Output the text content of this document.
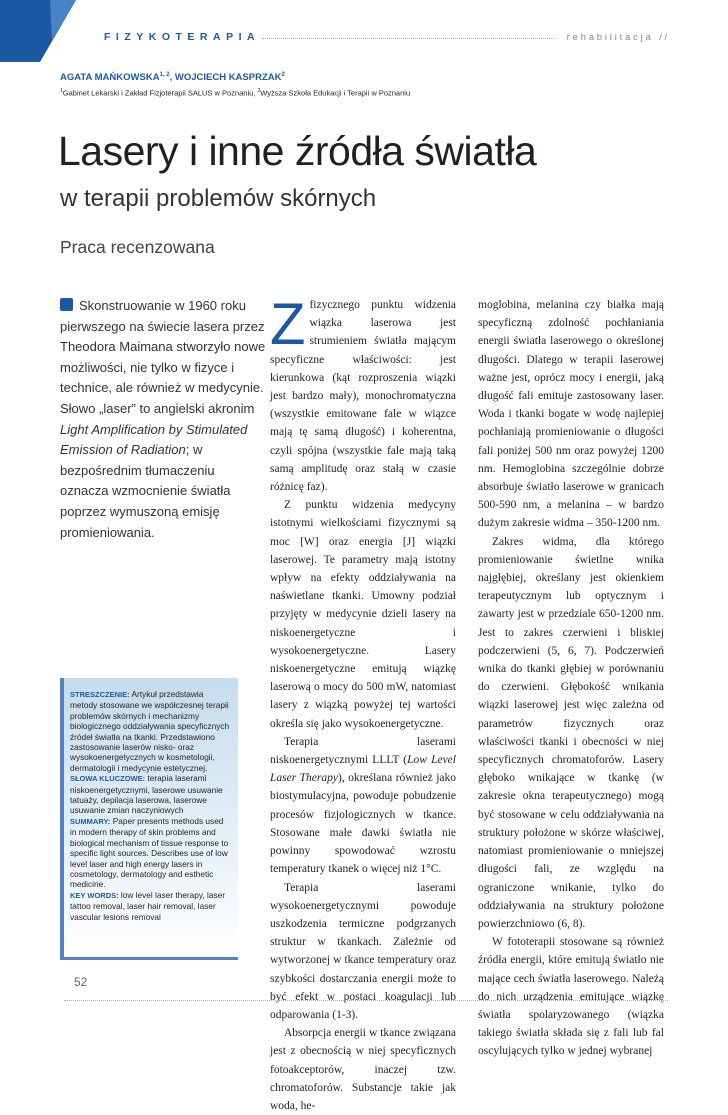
FIZYKOTERAPIA	rehabilitacja //
AGATA MAŃKOWSKA$^{1, 2}$, WOJCIECH KASPRZAK$^2$
$^1$Gabinet Lekarski i Zakład Fizjoterapii SALUS w Poznaniu, $^2$Wyższa Szkoła Edukacji i Terapii w Poznaniu
Lasery i inne źródła światła
w terapii problemów skórnych
Praca recenzowana
Skonstruowanie w 1960 roku pierwszego na świecie lasera przez Theodora Maimana stworzyło nowe możliwości, nie tylko w fizyce i technice, ale również w medycynie. Słowo „laser” to angielski akronim Light Amplification by Stimulated Emission of Radiation; w bezpośrednim tłumaczeniu oznacza wzmocnienie światła poprzez wymuszoną emisję promieniowania.

STRESZCZENIE: Artykuł przedstawia metody stosowane we współczesnej terapii problemów skórnych i mechanizmy biologicznego oddziaływania specyficznych źródeł światła na tkanki. Przedstawiono zastosowanie laserów nisko- oraz wysokoenergetycznych w kosmetologii, dermatologii i medycynie estetycznej.

SŁOWA KLUCZOWE: terapia laserami niskoenergetycznymi, laserowe usuwanie tatuaży, depilacja laserowa, laserowe usuwanie zmian naczyniowych

SUMMARY: Paper presents methods used in modern therapy of skin problems and biological mechanism of tissue response to specific light sources. Describes use of low level laser and high energy lasers in cosmetology, dermatology and esthetic medicine.

KEY WORDS: low level laser therapy, laser tattoo removal, laser hair removal, laser vascular lesions removal

Zfizycznego punktu widzenia wiązka laserowa jest strumieniem światła mającym specyficzne właściwości: jest kierunkowa (kąt rozproszenia wiązki jest bardzo mały), monochromatyczna (wszystkie emitowane fale w wiązce mają tę samą długość) i koherentna, czyli spójna (wszystkie fale mają taką samą amplitudę oraz stałą w czasie różnicę faz).

Z punktu widzenia medycyny istotnymi wielkościami fizycznymi są moc [W] oraz energia [J] wiązki laserowej. Te parametry mają istotny wpływ na efekty oddziaływania na naświetlane tkanki. Umowny podział przyjęty w medycynie dzieli lasery na niskoenergetyczne i wysokoenergetyczne. Lasery niskoenergetyczne emitują wiązkę laserową o mocy do 500 mW, natomiast lasery z wiązką powyżej tej wartości określa się jako wysokoenergetyczne.

Terapia laserami niskoenergetycznymi LLLT (Low Level Laser Therapy), określana również jako biostymulacyjna, powoduje pobudzenie procesów fizjologicznych w tkance. Stosowane małe dawki światła nie powinny spowodować wzrostu temperatury tkanek o więcej niż 1°C.

Terapia laserami wysokoenergetycznymi powoduje uszkodzenia termiczne podgrzanych struktur w tkankach. Zależnie od wytworzonej w tkance temperatury oraz szybkości dostarczania energii może to być efekt w postaci koagulacji lub odparowania (1-3).

Absorpcja energii w tkance związana jest z obecnością w niej specyficznych fotoakceptorów, inaczej tzw. chromatoforów. Substancje takie jak woda, he-

moglobina, melanina czy białka mają specyficzną zdolność pochłaniania energii światła laserowego o określonej długości. Dlatego w terapii laserowej ważne jest, oprócz mocy i energii, jaką długość fali emituje zastosowany laser. Woda i tkanki bogate w wodę najlepiej pochłaniają promieniowanie o długości fali poniżej 500 nm oraz powyżej 1200 nm. Hemoglobina szczególnie dobrze absorbuje światło laserowe w granicach 500-590 nm, a melanina – w bardzo dużym zakresie widma – 350-1200 nm.

Zakres widma, dla którego promieniowanie świetlne wnika najgłębiej, określany jest okienkiem terapeutycznym lub optycznym i zawarty jest w przedziale 650-1200 nm. Jest to zakres czerwieni i bliskiej podczerwieni (5, 6, 7). Podczerwień wnika do tkanki głębiej w porównaniu do czerwieni. Głębokość wnikania wiązki laserowej jest więc zależna od parametrów fizycznych oraz właściwości tkanki i obecności w niej specyficznych chromatoforów. Lasery głęboko wnikające w tkankę (w zakresie okna terapeutycznego) mogą być stosowane w celu oddziaływania na struktury położone w skórze właściwej, natomiast promieniowanie o mniejszej długości fali, ze względu na ograniczone wnikanie, tylko do oddziaływania na struktury położone powierzchniowo (6, 8).

W fototerapii stosowane są również źródła energii, które emitują światło nie mające cech światła laserowego. Należą do nich urządzenia emitujące wiązkę światła spolaryzowanego (wiązka takiego światła składa się z fali lub fal oscylujących tylko w jednej wybranej

52
